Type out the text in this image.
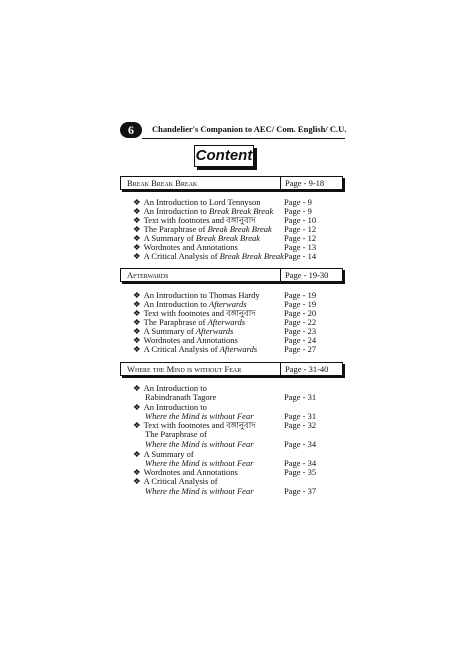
6	Chandelier's Companion to AEC/ Com. English/ C.U.
Content
Break Break Break	Page - 9-18
❖ An Introduction to Lord Tennyson	Page - 9
❖ An Introduction to Break Break Break Page - 9
❖ Text with footnotes and বঙ্গানুবাদ	Page - 10
❖ The Paraphrase of Break Break Break Page - 12
❖ A Summary of Break Break Break	Page - 12
❖ Wordnotes and Annotations	Page - 13
❖ A Critical Analysis of Break Break Break Page - 14
Afterwards	Page - 19-30
❖ An Introduction to Thomas Hardy	Page - 19
❖ An Introduction to Afterwards	Page - 19
❖ Text with footnotes and বঙ্গানুবাদ	Page - 20
❖ The Paraphrase of Afterwards	Page - 22
❖ A Summary of Afterwards	Page - 23
❖ Wordnotes and Annotations	Page - 24
❖ A Critical Analysis of Afterwards	Page - 27
Where the Mind is without Fear	Page - 31-40
❖ An Introduction to
Rabindranath Tagore	Page - 31
❖ An Introduction to
Where the Mind is without Fear	Page - 31
❖ Text with footnotes and বঙ্গানুবাদ	Page - 32
The Paraphrase of
Where the Mind is without Fear	Page - 34
❖ A Summary of
Where the Mind is without Fear	Page - 34
❖ Wordnotes and Annotations	Page - 35
❖ A Critical Analysis of
Where the Mind is without Fear	Page - 37
